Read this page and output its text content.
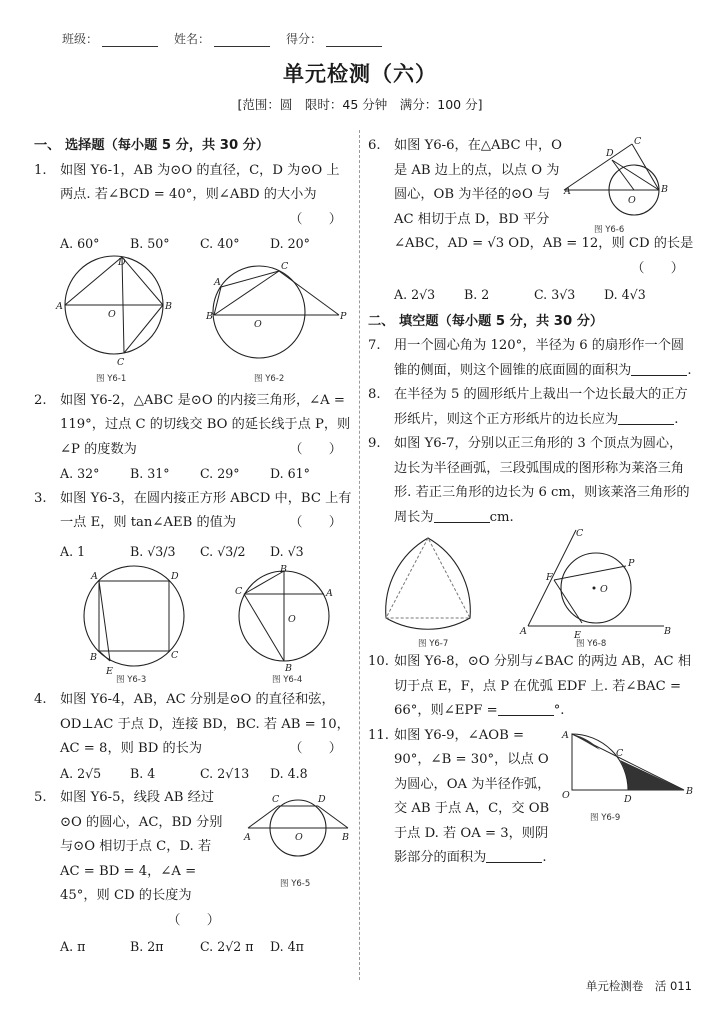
班级：	姓名：	得分：
单元检测（六）
[范围：圆　限时：45 分钟　满分：100 分]
一、 选择题（每小题 5 分，共 30 分）
1.	如图 Y6-1，AB 为⊙O 的直径，C，D 为⊙O 上两点. 若∠BCD = 40°，则∠ABD 的大小为

（　　）
A. 60°	B. 50°	C. 40°	D. 20°
A	B
D
C
O
A
B
C
P
O
图 Y6-1	图 Y6-2
2.	如图 Y6-2，△ABC 是⊙O 的内接三角形，∠A = 119°，过点 C 的切线交 BO 的延长线于点 P，则∠P 的度数为	（　　）
A. 32°	B. 31°	C. 29°	D. 61°
3.	如图 Y6-3，在圆内接正方形 ABCD 中，BC 上有一点 E，则 tan∠AEB 的值为	（　　）
A. 1	B. √3/3	C. √3/2	D. √3
A	D
B	C
E
C	A
B
B
O
图 Y6-3	图 Y6-4
4.	如图 Y6-4，AB，AC 分别是⊙O 的直径和弦，OD⊥AC 于点 D，连接 BD，BC. 若 AB = 10，AC = 8，则 BD 的长为	（　　）
A. 2√5	B. 4	C. 2√13	D. 4.8
5.	如图 Y6-5，线段 AB 经过⊙O 的圆心，AC，BD 分别与⊙O 相切于点 C，D. 若 AC = BD = 4，∠A = 45°，则 CD 的长度为
（　　）
A	B
C	D
O
图 Y6-5
A. π	B. 2π	C. 2√2 π	D. 4π
6.	如图 Y6-6，在△ABC 中，O 是 AB 边上的点，以点 O 为圆心，OB 为半径的⊙O 与 AC 相切于点 D，BD 平分∠ABC，AD = √3 OD，AB = 12，则 CD 的长是
（　　）
A	B
C
D
O
图 Y6-6
A. 2√3	B. 2	C. 3√3	D. 4√3
二、 填空题（每小题 5 分，共 30 分）
7.	用一个圆心角为 120°，半径为 6 的扇形作一个圆锥的侧面，则这个圆锥的底面圆的面积为	.
8.	在半径为 5 的圆形纸片上裁出一个边长最大的正方形纸片，则这个正方形纸片的边长应为	.
9.	如图 Y6-7，分别以正三角形的 3 个顶点为圆心，边长为半径画弧，三段弧围成的图形称为莱洛三角形. 若正三角形的边长为 6 cm，则该莱洛三角形的周长为	cm.
A	B
C
F
P
E
O
图 Y6-7	图 Y6-8
10. 如图 Y6-8，⊙O 分别与∠BAC 的两边 AB，AC 相切于点 E，F，点 P 在优弧 EDF 上. 若∠BAC = 66°，则∠EPF =	°.
11. 如图 Y6-9，∠AOB = 90°，∠B = 30°，以点 O 为圆心，OA 为半径作弧，交 AB 于点 A，C，交 OB 于点 D. 若 OA = 3，则阴影部分的面积为	.
A
O	B
D
C
图 Y6-9
单元检测卷　活 011
